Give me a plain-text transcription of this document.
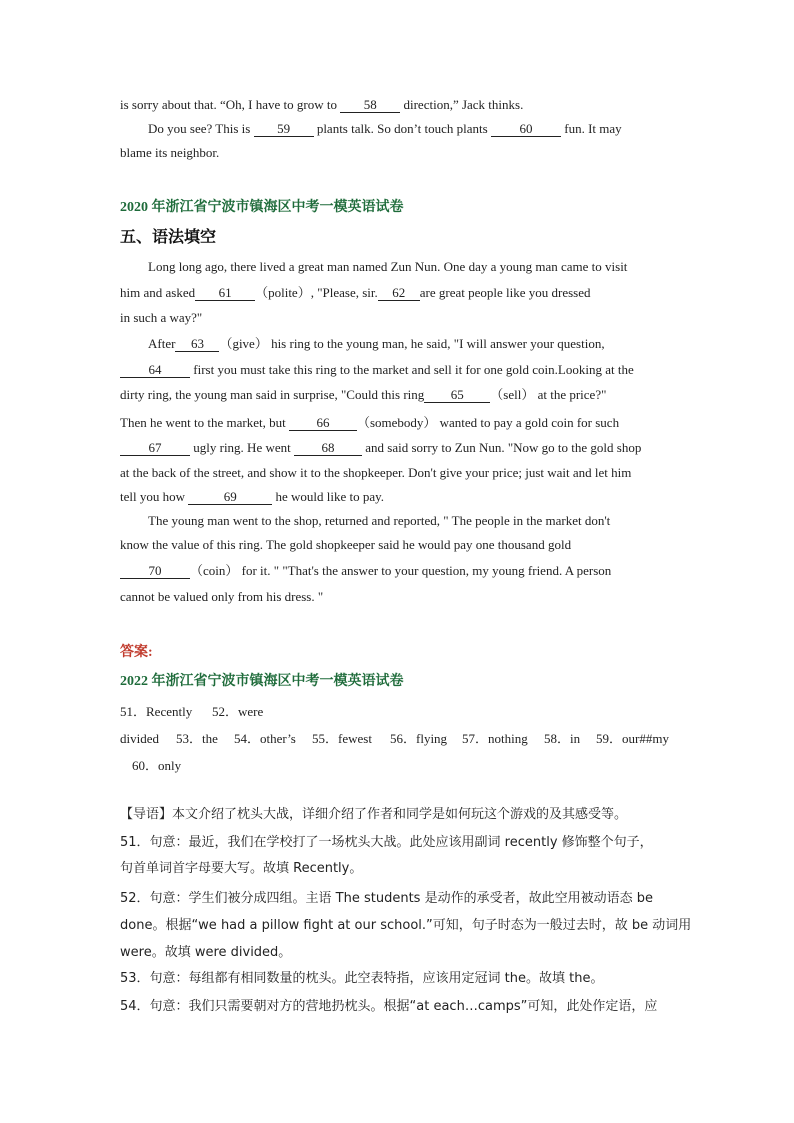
is sorry about that. “Oh, I have to grow to 58 direction,” Jack thinks.
Do you see? This is 59 plants talk. So don’t touch plants 60 fun. It may
blame its neighbor.
2020 年浙江省宁波市镇海区中考一模英语试卷
五、语法填空
Long long ago, there lived a great man named Zun Nun. One day a young man came to visit
him and asked 61 （polite）, "Please, sir. 62 are great people like you dressed
in such a way?"
After 63 （give） his ring to the young man, he said, "I will answer your question,
64 first you must take this ring to the market and sell it for one gold coin.Looking at the
dirty ring, the young man said in surprise, "Could this ring 65 （sell） at the price?"
Then he went to the market, but 66 （somebody） wanted to pay a gold coin for such
67 ugly ring. He went 68 and said sorry to Zun Nun. "Now go to the gold shop
at the back of the street, and show it to the shopkeeper. Don't give your price; just wait and let him
tell you how	69	he would like to pay.
The young man went to the shop, returned and reported, " The people in the market don't
know the value of this ring. The gold shopkeeper said he would pay one thousand gold
70 （coin） for it. " "That's the answer to your question, my young friend. A person
cannot be valued only from his dress. "
答案:
2022 年浙江省宁波市镇海区中考一模英语试卷
51．Recently 52．were
divided 53．the 54．other’s 55．fewest 56．flying 57．nothing 58．in 59．our##my
60．only
【导语】本文介绍了枕头大战，详细介绍了作者和同学是如何玩这个游戏的及其感受等。
51．句意：最近，我们在学校打了一场枕头大战。此处应该用副词 recently 修饰整个句子，
句首单词首字母要大写。故填 Recently。
52．句意：学生们被分成四组。主语 The students 是动作的承受者，故此空用被动语态 be
done。根据“we had a pillow fight at our school.”可知，句子时态为一般过去时，故 be 动词用
were。故填 were divided。
53．句意：每组都有相同数量的枕头。此空表特指，应该用定冠词 the。故填 the。
54．句意：我们只需要朝对方的营地扔枕头。根据“at each…camps”可知，此处作定语，应
